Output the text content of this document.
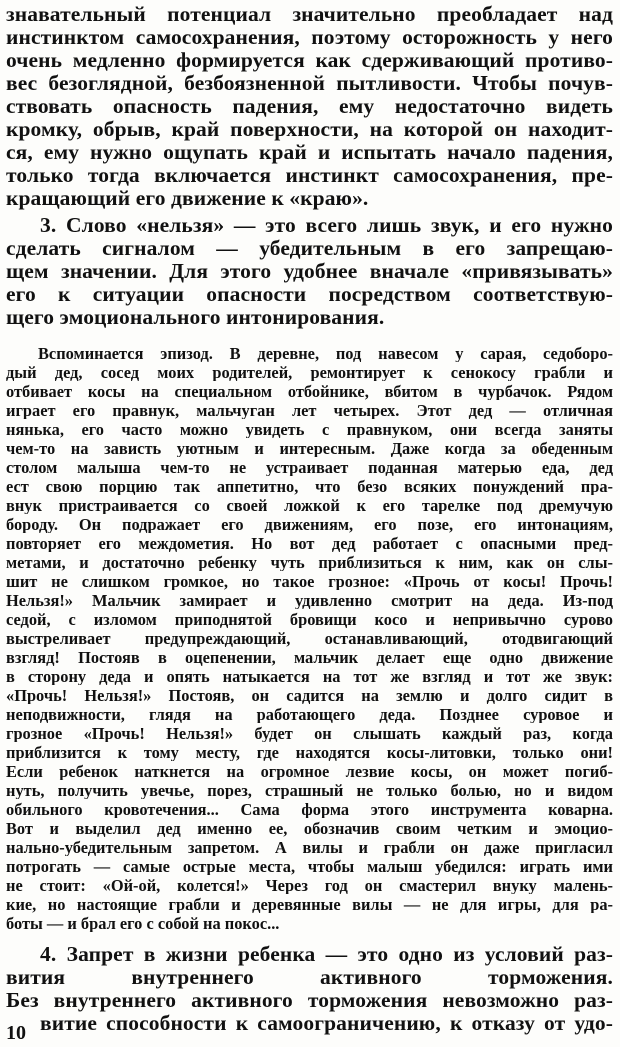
знавательный потенциал значительно преобладает над
инстинктом самосохранения, поэтому осторожность у него
очень медленно формируется как сдерживающий противо-
вес безоглядной, безбоязненной пытливости. Чтобы почув-
ствовать опасность падения, ему недостаточно видеть
кромку, обрыв, край поверхности, на которой он находит-
ся, ему нужно ощупать край и испытать начало падения,
только тогда включается инстинкт самосохранения, пре-
кращающий его движение к «краю».
3. Слово «нельзя» — это всего лишь звук, и его нужно
сделать сигналом — убедительным в его запрещаю-
щем значении. Для этого удобнее вначале «привязывать»
его к ситуации опасности посредством соответствую-
щего эмоционального интонирования.
Вспоминается эпизод. В деревне, под навесом у сарая, седоборо-
дый дед, сосед моих родителей, ремонтирует к сенокосу грабли и
отбивает косы на специальном отбойнике, вбитом в чурбачок. Рядом
играет его правнук, мальчуган лет четырех. Этот дед — отличная
нянька, его часто можно увидеть с правнуком, они всегда заняты
чем-то на зависть уютным и интересным. Даже когда за обеденным
столом малыша чем-то не устраивает поданная матерью еда, дед
ест свою порцию так аппетитно, что безо всяких понуждений пра-
внук пристраивается со своей ложкой к его тарелке под дремучую
бороду. Он подражает его движениям, его позе, его интонациям,
повторяет его междометия. Но вот дед работает с опасными пред-
метами, и достаточно ребенку чуть приблизиться к ним, как он слы-
шит не слишком громкое, но такое грозное: «Прочь от косы! Прочь!
Нельзя!» Мальчик замирает и удивленно смотрит на деда. Из-под
седой, с изломом приподнятой бровищи косо и непривычно сурово
выстреливает предупреждающий, останавливающий, отодвигающий
взгляд! Постояв в оцепенении, мальчик делает еще одно движение
в сторону деда и опять натыкается на тот же взгляд и тот же звук:
«Прочь! Нельзя!» Постояв, он садится на землю и долго сидит в
неподвижности, глядя на работающего деда. Позднее суровое и
грозное «Прочь! Нельзя!» будет он слышать каждый раз, когда
приблизится к тому месту, где находятся косы-литовки, только они!
Если ребенок наткнется на огромное лезвие косы, он может погиб-
нуть, получить увечье, порез, страшный не только болью, но и видом
обильного кровотечения... Сама форма этого инструмента коварна.
Вот и выделил дед именно ее, обозначив своим четким и эмоцио-
нально-убедительным запретом. А вилы и грабли он даже пригласил
потрогать — самые острые места, чтобы малыш убедился: играть ими
не стоит: «Ой-ой, колется!» Через год он смастерил внуку малень-
кие, но настоящие грабли и деревянные вилы — не для игры, для ра-
боты — и брал его с собой на покос...
4. Запрет в жизни ребенка — это одно из условий раз-
вития внутреннего активного торможения.
Без внутреннего активного торможения невозможно раз-
витие способности к самоограничению, к отказу от удо-
10
